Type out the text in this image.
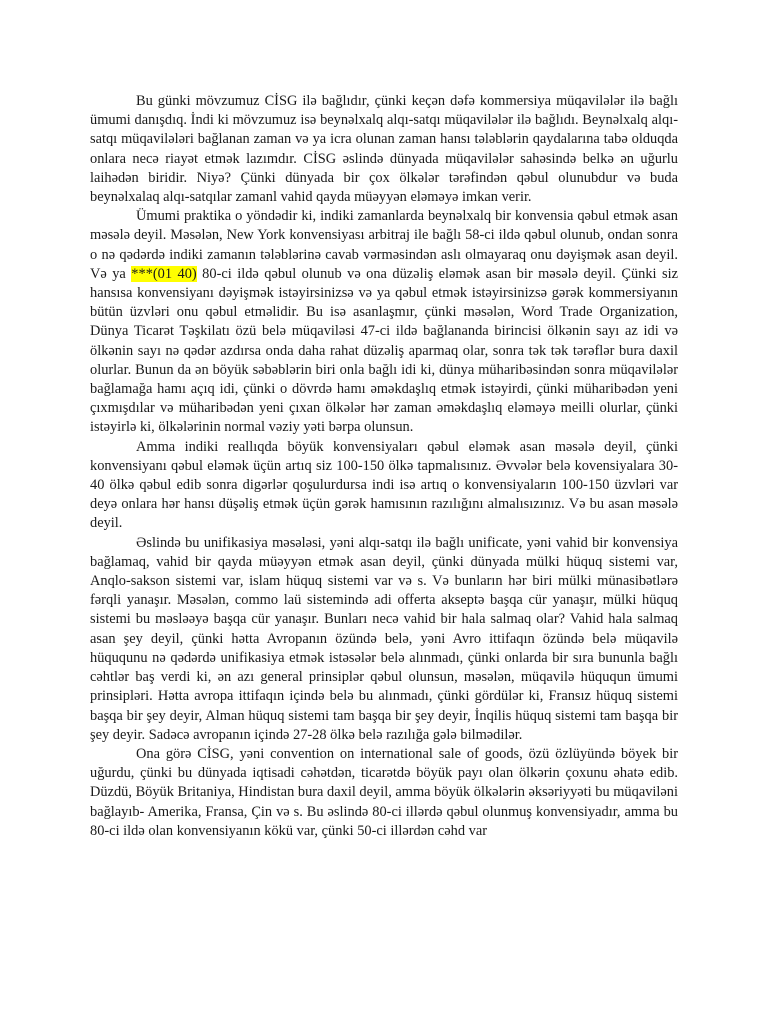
Bu günki mövzumuz CİSG ilə bağlıdır, çünki keçən dəfə kommersiya müqavilələr ilə bağlı ümumi danışdıq. İndi ki mövzumuz isə beynəlxalq alqı-satqı müqavilələr ilə bağlıdı. Beynəlxalq alqı-satqı müqavilələri bağlanan zaman və ya icra olunan zaman hansı tələblərin qaydalarına tabə olduqda onlara necə riayət etmək lazımdır. CİSG əslində dünyada müqavilələr sahəsində belkə ən uğurlu laihədən biridir. Niyə? Çünki dünyada bir çox ölkələr tərəfindən qəbul olunubdur və buda beynəlxalaq alqı-satqılar zamanl vahid qayda müəyyən eləməyə imkan verir.

Ümumi praktika o yöndədir ki, indiki zamanlarda beynəlxalq bir konvensia qəbul etmək asan məsələ deyil. Məsələn, New York konvensiyası arbitraj ile bağlı 58-ci ildə qəbul olunub, ondan sonra o nə qədərdə indiki zamanın tələblərinə cavab vərməsindən aslı olmayaraq onu dəyişmək asan deyil. Və ya ***(01 40) 80-ci ildə qəbul olunub və ona düzəliş eləmək asan bir məsələ deyil. Çünki siz hansısa konvensiyanı dəyişmək istəyirsinizsə və ya qəbul etmək istəyirsinizsə gərək kommersiyanın bütün üzvləri onu qəbul etməlidir. Bu isə asanlaşmır, çünki məsələn, Word Trade Organization, Dünya Ticarət Təşkilatı özü belə müqaviləsi 47-ci ildə bağlananda birincisi ölkənin sayı az idi və ölkənin sayı nə qədər azdırsa onda daha rahat düzəliş aparmaq olar, sonra tək tək tərəflər bura daxil olurlar. Bunun da ən böyük səbəblərin biri onla bağlı idi ki, dünya müharibəsindən sonra müqavilələr bağlamağa hamı açıq idi, çünki o dövrdə hamı əməkdaşlıq etmək istəyirdi, çünki müharibədən yeni çıxmışdılar və müharibədən yeni çıxan ölkələr hər zaman əməkdaşlıq eləməyə meilli olurlar, çünki istəyirlə ki, ölkələrinin normal vəziy yəti bərpa olunsun.

Amma indiki reallıqda böyük konvensiyaları qəbul eləmək asan məsələ deyil, çünki konvensiyanı qəbul eləmək üçün artıq siz 100-150 ölkə tapmalısınız. Əvvələr belə kovensiyalara 30-40 ölkə qəbul edib sonra digərlər qoşulurdursa indi isə artıq o konvensiyaların 100-150 üzvləri var deyə onlara hər hansı düşəliş etmək üçün gərək hamısının razılığını almalısızınız. Və bu asan məsələ deyil.

Əslində bu unifikasiya məsələsi, yəni alqı-satqı ilə bağlı unificate, yəni vahid bir konvensiya bağlamaq, vahid bir qayda müəyyən etmək asan deyil, çünki dünyada mülki hüquq sistemi var, Anqlo-sakson sistemi var, islam hüquq sistemi var və s. Və bunların hər biri mülki münasibətlərə fərqli yanaşır. Məsələn, commo laü sistemində adi offerta akseptə başqa cür yanaşır, mülki hüquq sistemi bu məsləəyə başqa cür yanaşır. Bunları necə vahid bir hala salmaq olar? Vahid hala salmaq asan şey deyil, çünki hətta Avropanın özündə belə, yəni Avro ittifaqın özündə belə müqavilə hüququnu nə qədərdə unifikasiya etmək istəsələr belə alınmadı, çünki onlarda bir sıra bununla bağlı cəhtlər baş verdi ki, ən azı general prinsiplər qəbul olunsun, məsələn, müqavilə hüququn ümumi prinsipləri. Hətta avropa ittifaqın içində belə bu alınmadı, çünki gördülər ki, Fransız hüquq sistemi başqa bir şey deyir, Alman hüquq sistemi tam başqa bir şey deyir, İnqilis hüquq sistemi tam başqa bir şey deyir. Sadəcə avropanın içində 27-28 ölkə belə razılığa gələ bilmədilər.

Ona görə CİSG, yəni convention on international sale of goods, özü özlüyündə böyek bir uğurdu, çünki bu dünyada iqtisadi cəhətdən, ticarətdə böyük payı olan ölkərin çoxunu əhatə edib. Düzdü, Böyük Britaniya, Hindistan bura daxil deyil, amma böyük ölkələrin əksəriyyəti bu müqaviləni bağlayıb- Amerika, Fransa, Çin və s. Bu əslində 80-ci illərdə qəbul olunmuş konvensiyadır, amma bu 80-ci ildə olan konvensiyanın kökü var, çünki 50-ci illərdən cəhd var
